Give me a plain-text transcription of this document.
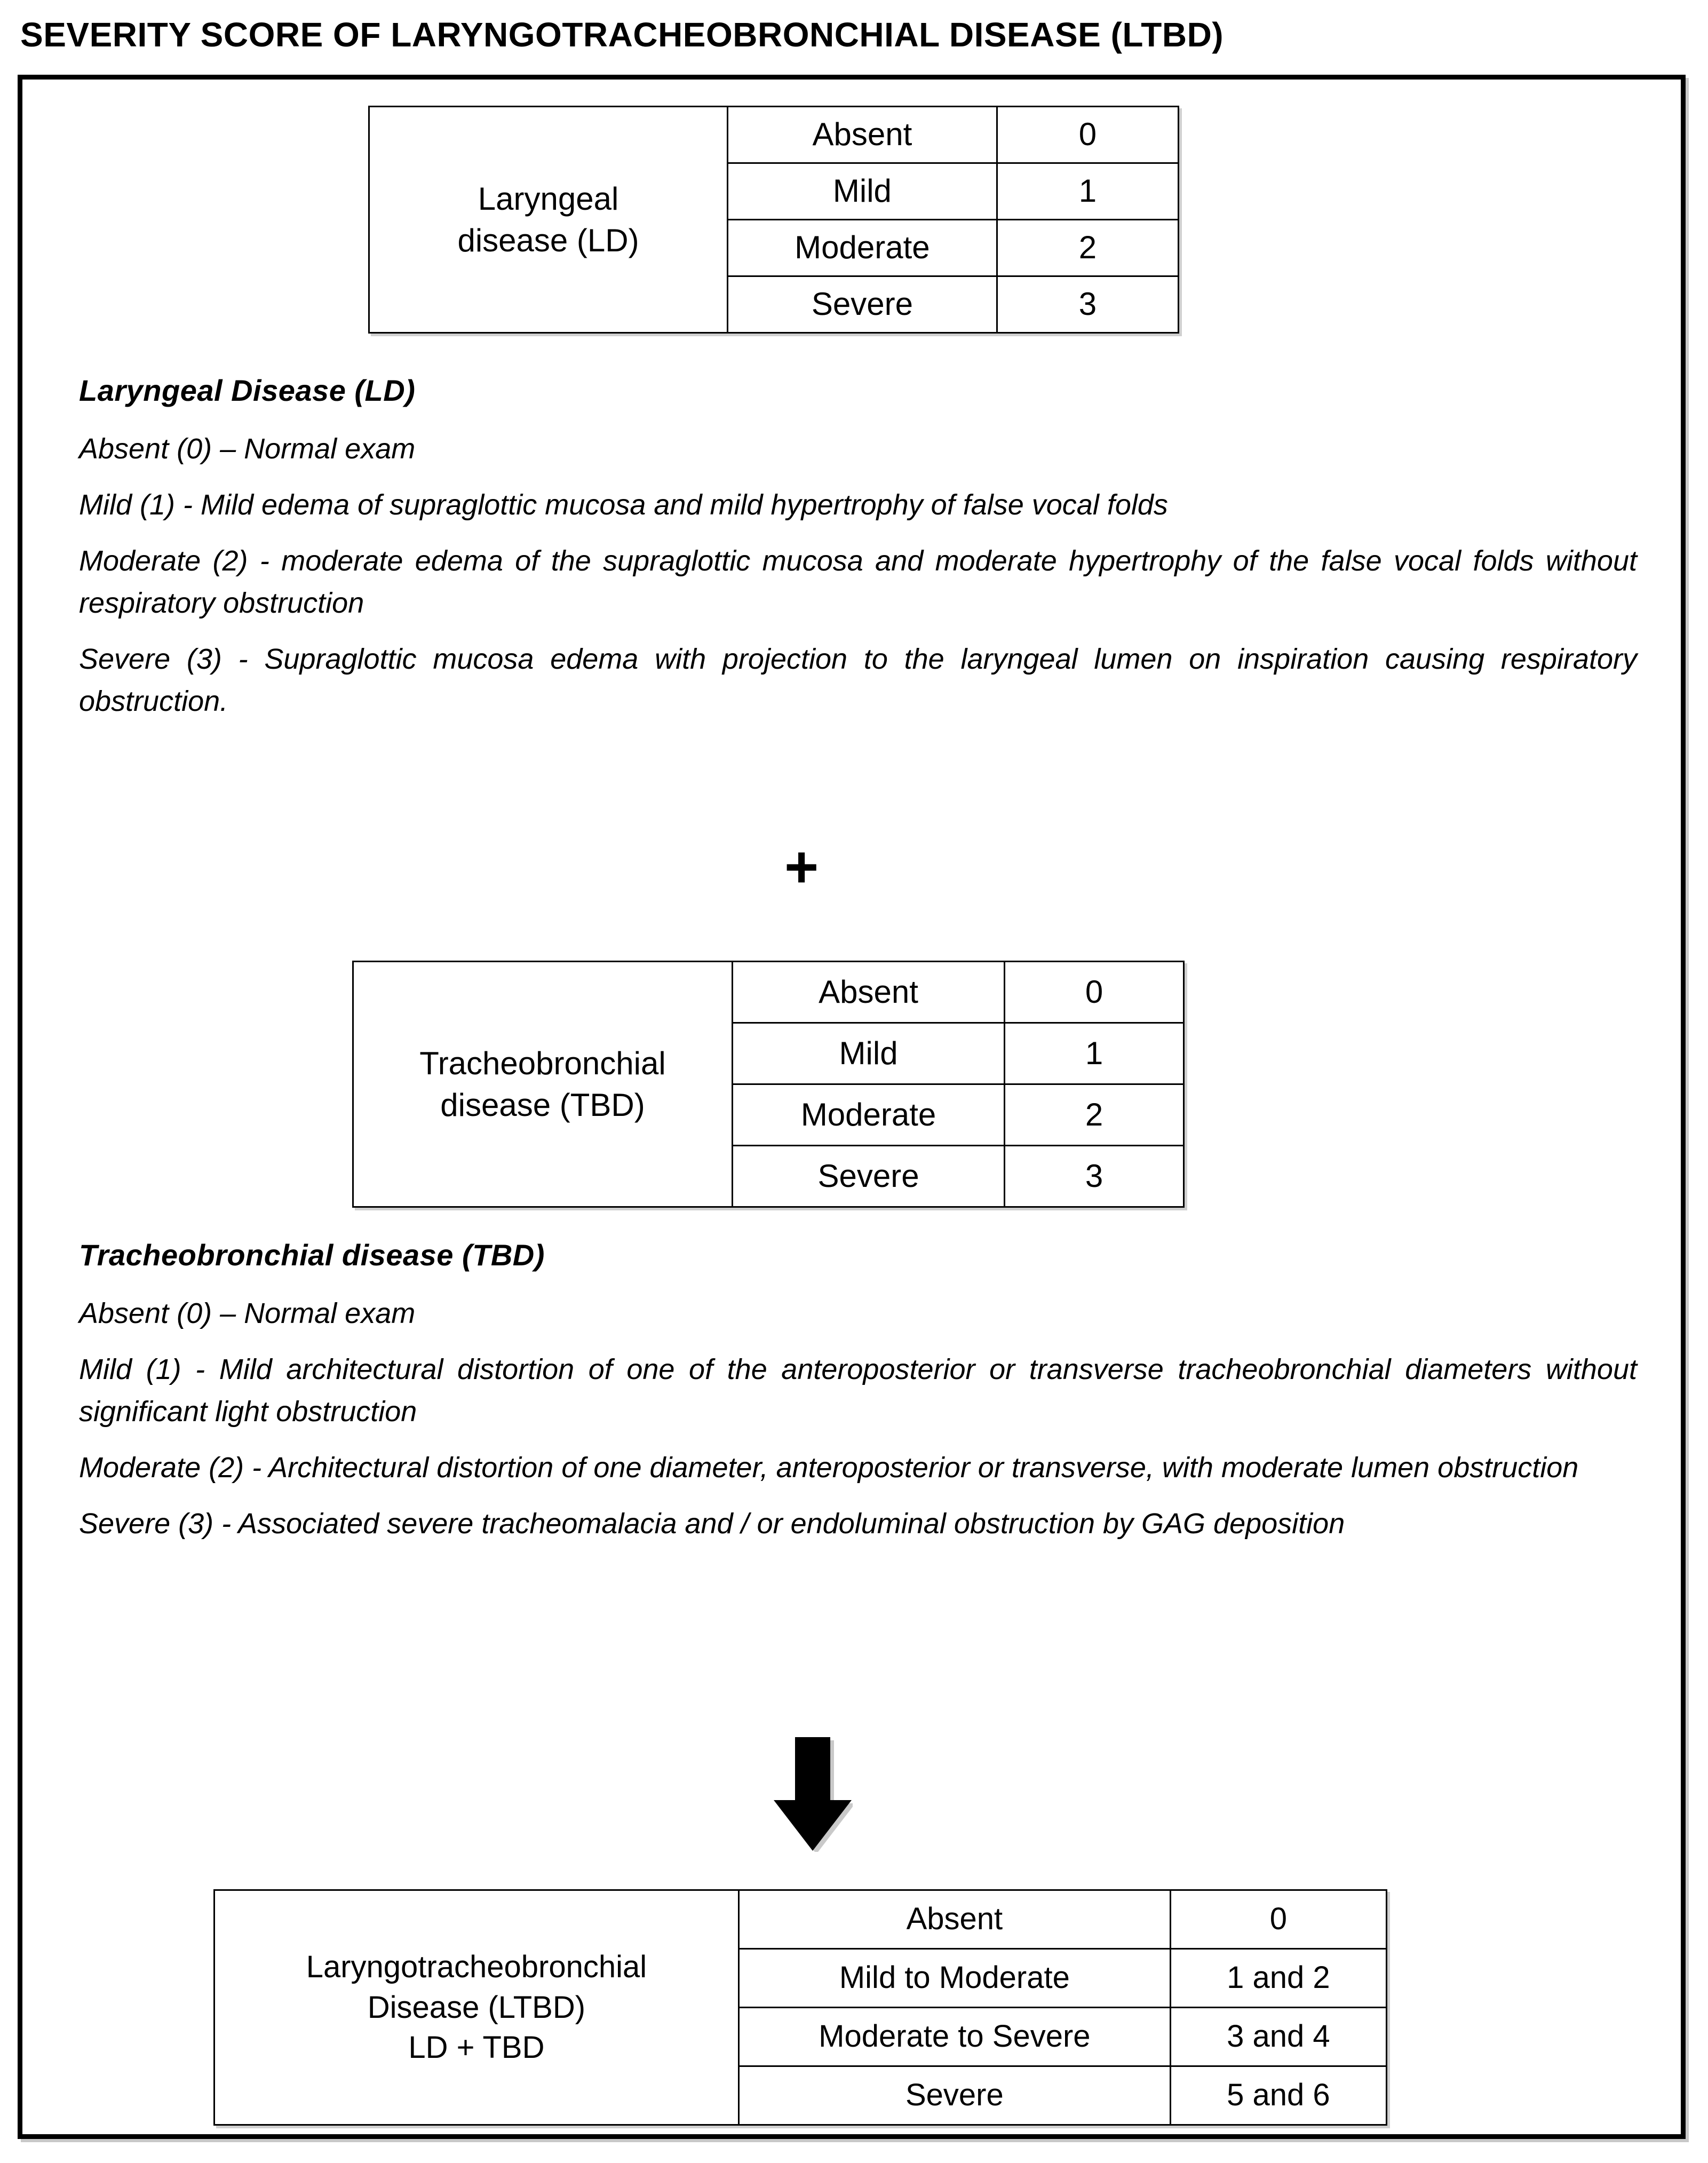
SEVERITY SCORE OF LARYNGOTRACHEOBRONCHIAL DISEASE (LTBD)
Laryngeal
disease (LD)	Absent	0
	Mild	1
	Moderate	2
	Severe	3
Laryngeal Disease (LD)

Absent (0) – Normal exam

Mild (1) - Mild edema of supraglottic mucosa and mild hypertrophy of false vocal folds

Moderate (2) - moderate edema of the supraglottic mucosa and moderate hypertrophy of the false vocal folds without respiratory obstruction

Severe (3) - Supraglottic mucosa edema with projection to the laryngeal lumen on inspiration causing respiratory obstruction.

+
Tracheobronchial
disease (TBD)	Absent	0
	Mild	1
	Moderate	2
	Severe	3
Tracheobronchial disease (TBD)

Absent (0) – Normal exam

Mild (1) - Mild architectural distortion of one of the anteroposterior or transverse tracheobronchial diameters without significant light obstruction

Moderate (2) - Architectural distortion of one diameter, anteroposterior or transverse, with moderate lumen obstruction

Severe (3) - Associated severe tracheomalacia and / or endoluminal obstruction by GAG deposition

Laryngotracheobronchial
Disease (LTBD)
LD + TBD	Absent	0
	Mild to Moderate	1 and 2
	Moderate to Severe	3 and 4
	Severe	5 and 6
